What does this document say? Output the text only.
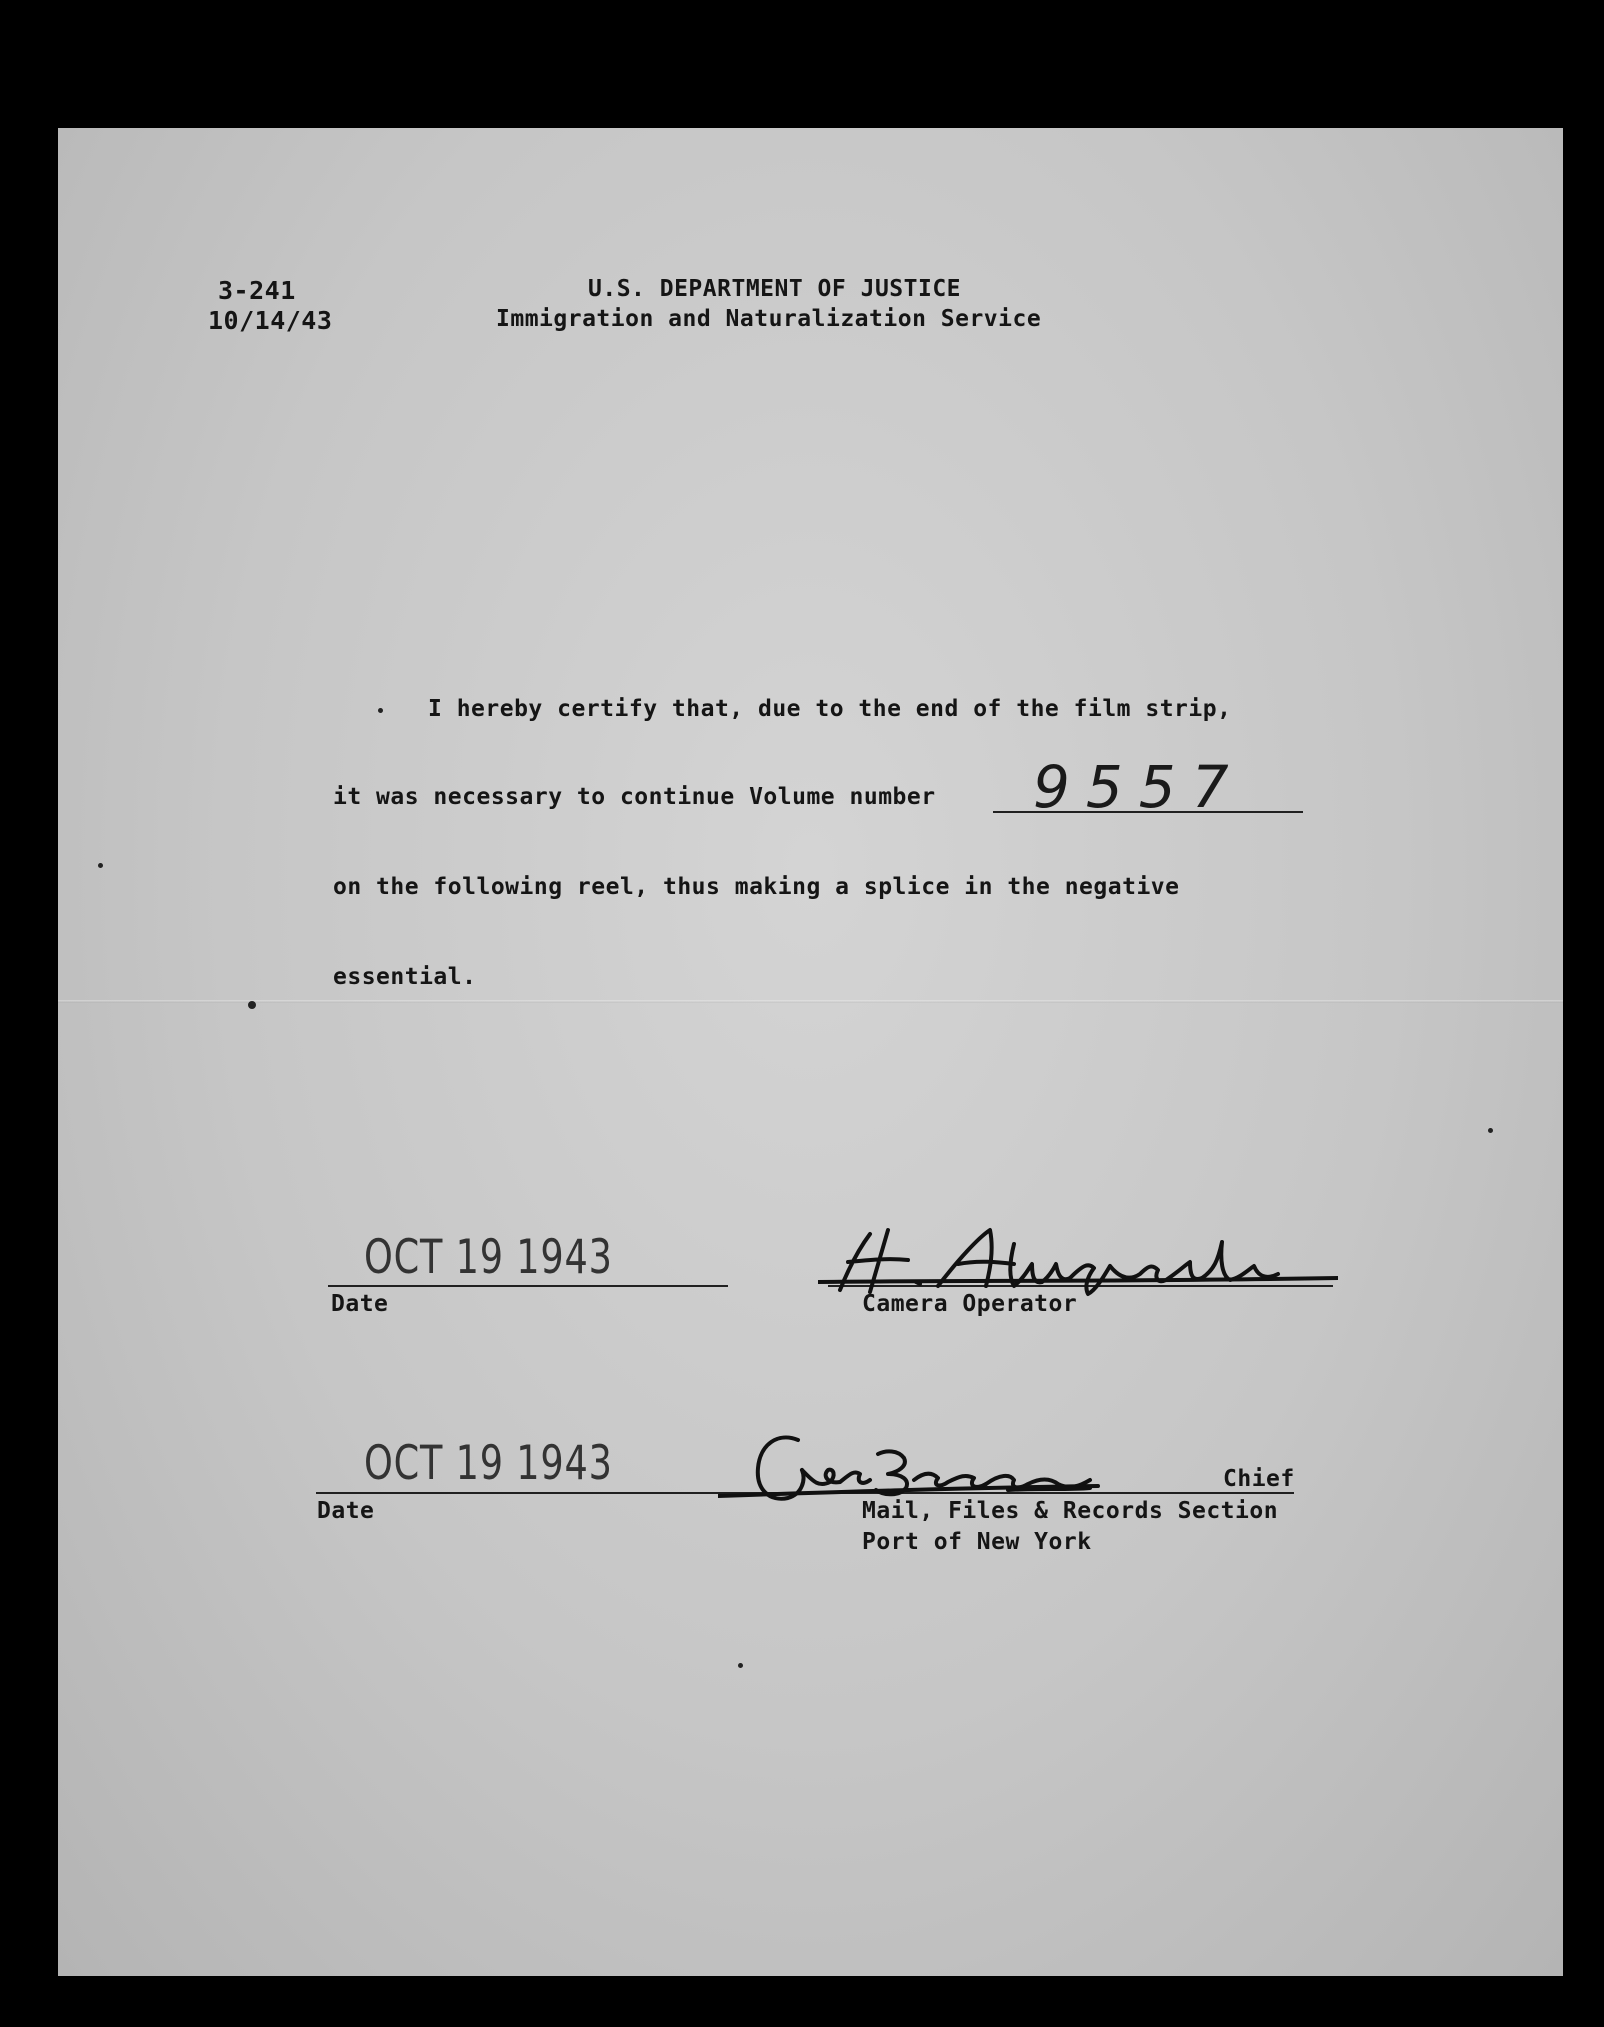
3-241
10/14/43
U.S. DEPARTMENT OF JUSTICE
Immigration and Naturalization Service
I hereby certify that, due to the end of the film strip,
it was necessary to continue Volume number 9557
on the following reel, thus making a splice in the negative
essential.
OCT 19 1943
Date	Camera Operator
OCT 19 1943
Date
Chief
Mail, Files & Records Section
Port of New York
